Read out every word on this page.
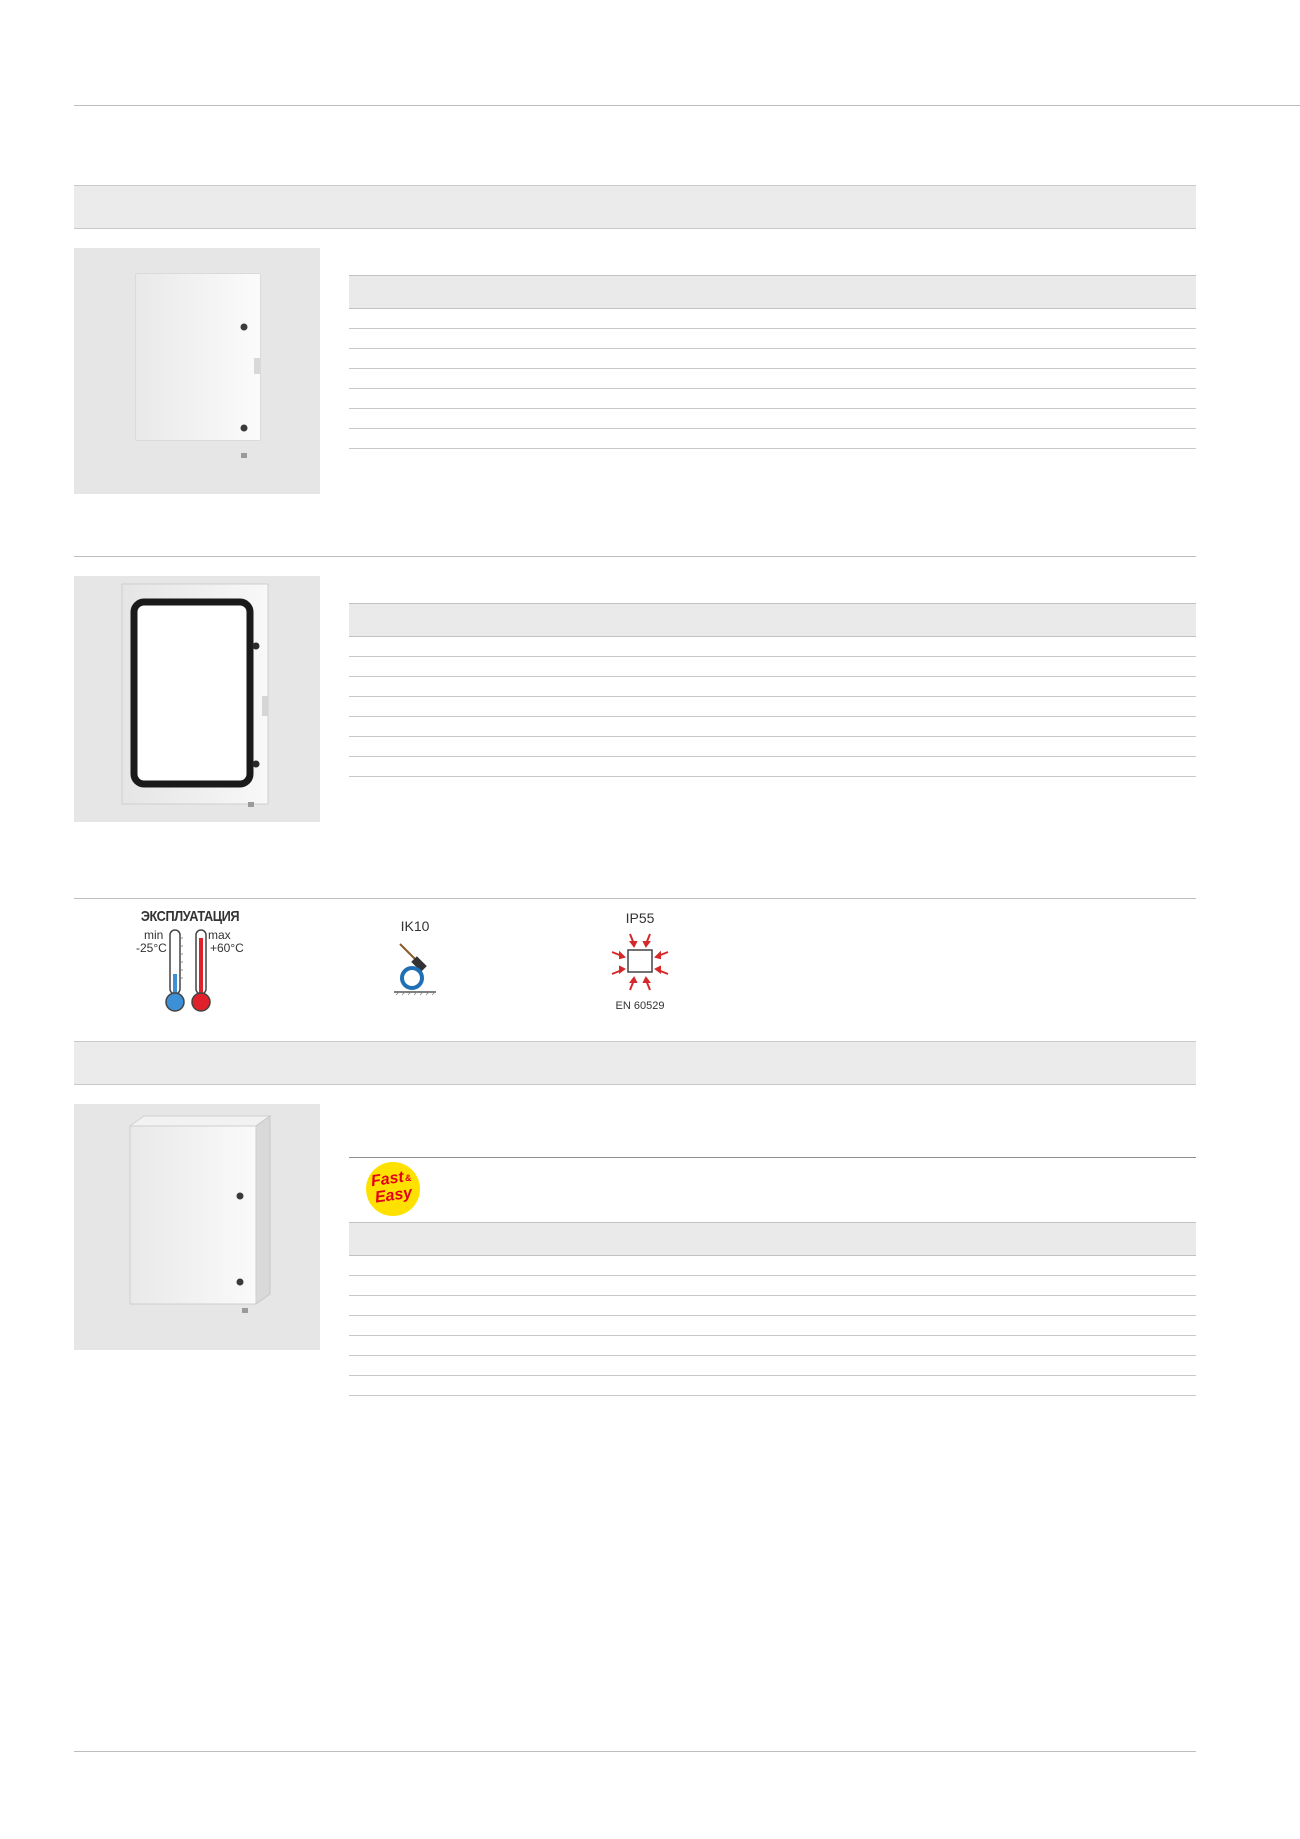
ЭКСПЛУАТАЦИЯ
min
-25°C
max
+60°C
IK10	IP55
EN 60529
Fast &
Easy
